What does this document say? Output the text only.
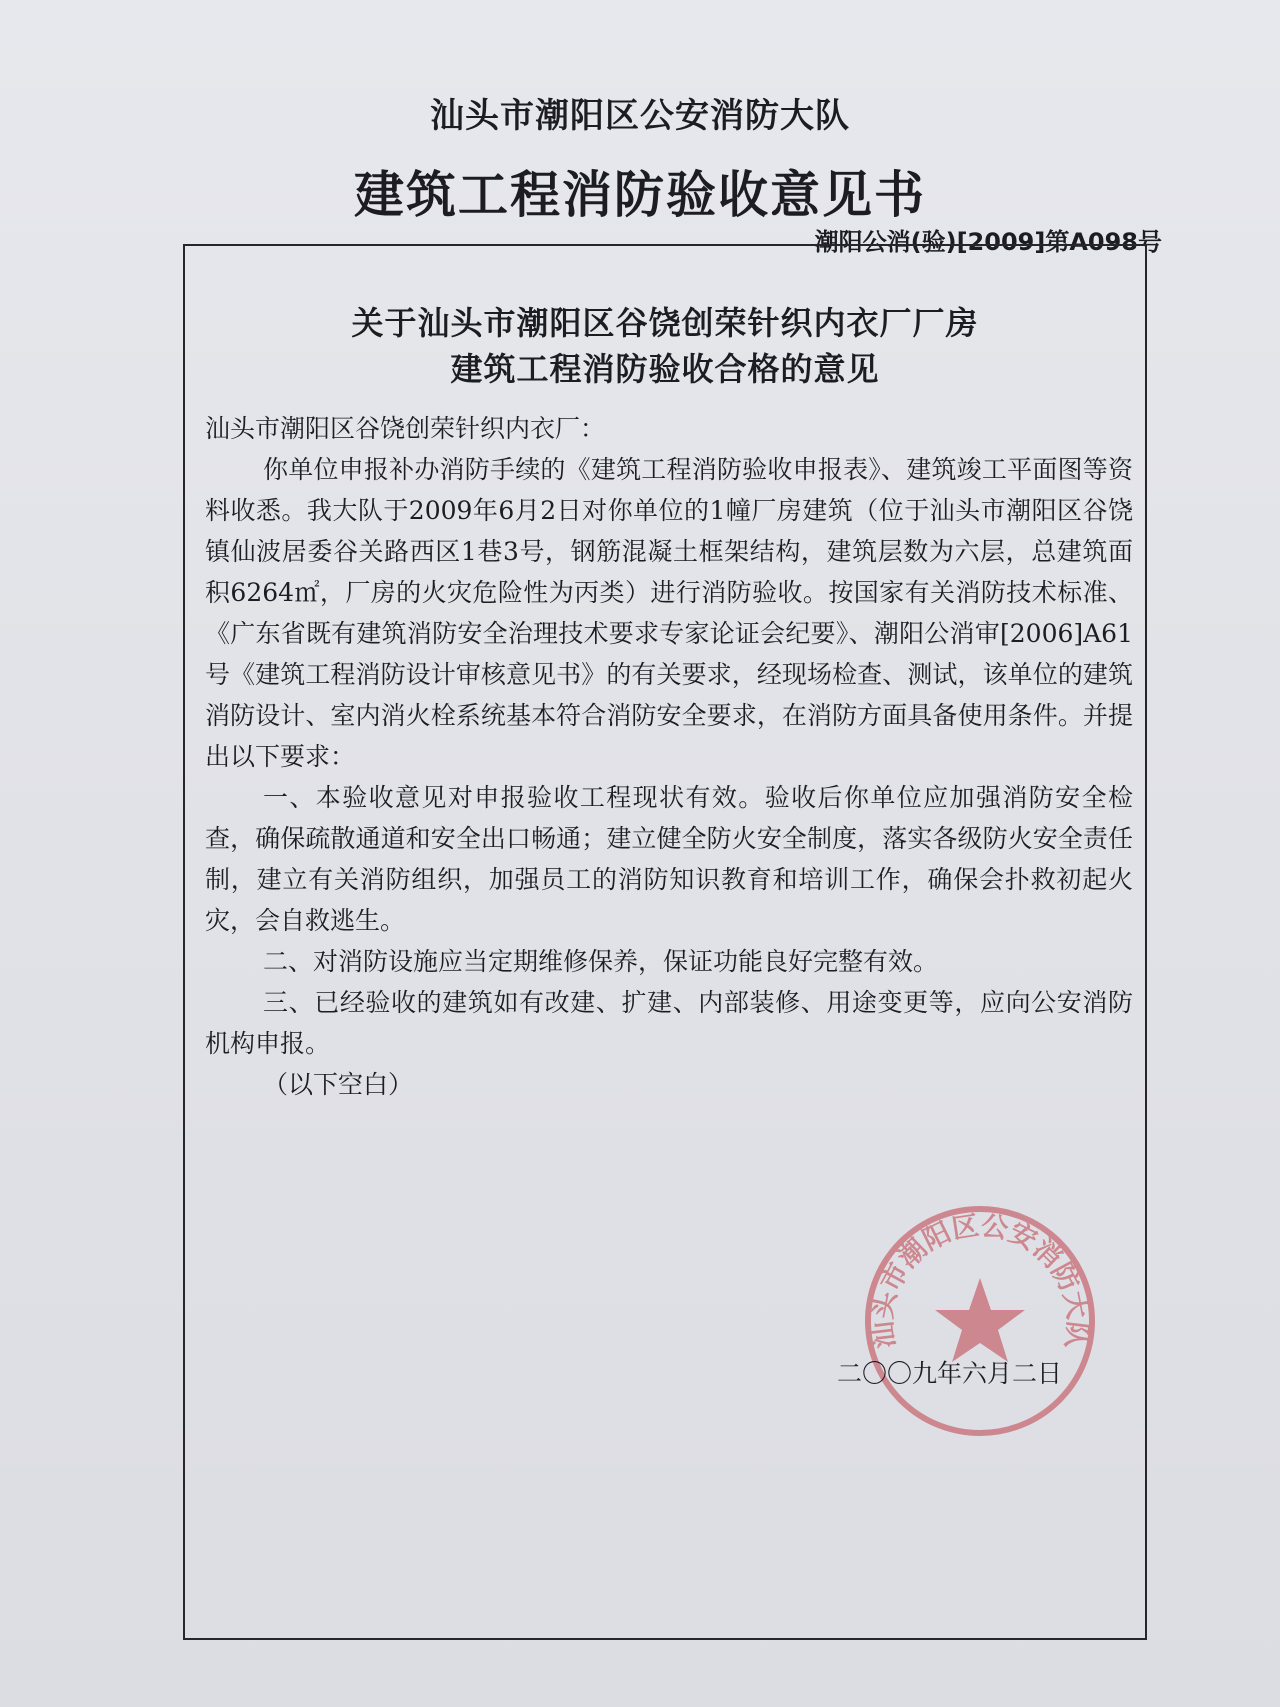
汕头市潮阳区公安消防大队
建筑工程消防验收意见书
潮阳公消(验)[2009]第A098号
关于汕头市潮阳区谷饶创荣针织内衣厂厂房
建筑工程消防验收合格的意见

汕头市潮阳区谷饶创荣针织内衣厂：

你单位申报补办消防手续的《建筑工程消防验收申报表》、建筑竣工平面图等资料收悉。我大队于2009年6月2日对你单位的1幢厂房建筑（位于汕头市潮阳区谷饶镇仙波居委谷关路西区1巷3号，钢筋混凝土框架结构，建筑层数为六层，总建筑面积6264㎡，厂房的火灾危险性为丙类）进行消防验收。按国家有关消防技术标准、《广东省既有建筑消防安全治理技术要求专家论证会纪要》、潮阳公消审[2006]A61号《建筑工程消防设计审核意见书》的有关要求，经现场检查、测试，该单位的建筑消防设计、室内消火栓系统基本符合消防安全要求，在消防方面具备使用条件。并提出以下要求：

一、本验收意见对申报验收工程现状有效。验收后你单位应加强消防安全检查，确保疏散通道和安全出口畅通；建立健全防火安全制度，落实各级防火安全责任制，建立有关消防组织，加强员工的消防知识教育和培训工作，确保会扑救初起火灾，会自救逃生。

二、对消防设施应当定期维修保养，保证功能良好完整有效。

三、已经验收的建筑如有改建、扩建、内部装修、用途变更等，应向公安消防机构申报。

（以下空白）

汕头市潮阳区公安消防大队
二〇〇九年六月二日
